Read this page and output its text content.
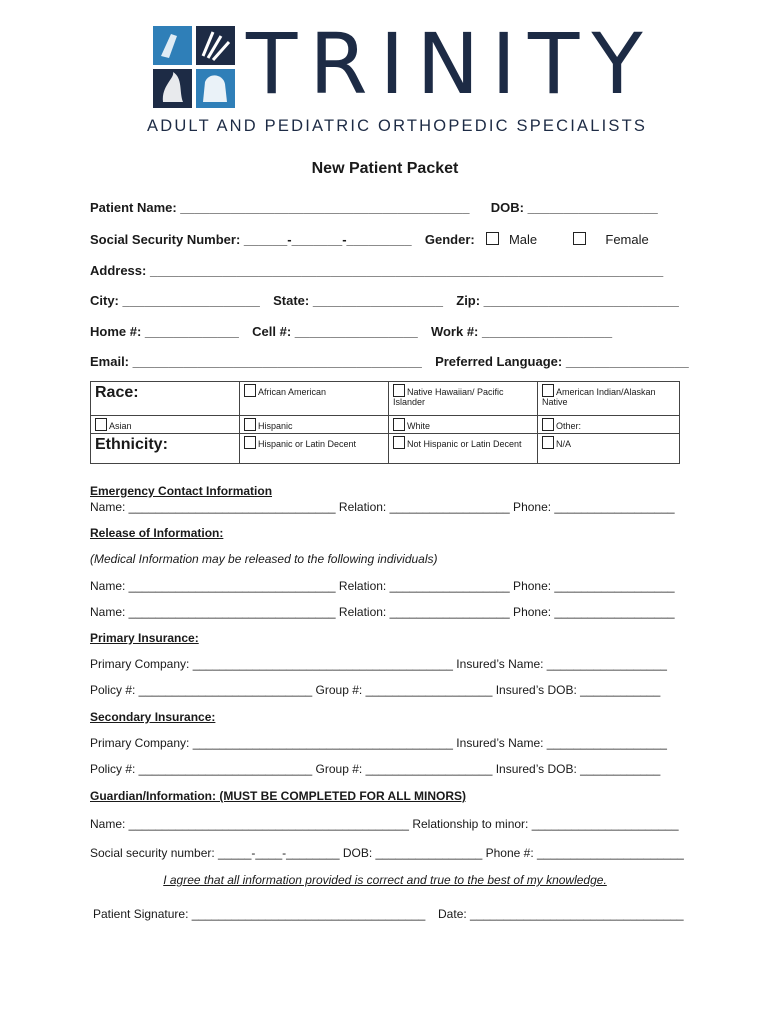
TRINITY
ADULT AND PEDIATRIC ORTHOPEDIC SPECIALISTS
New Patient Packet
Patient Name: ________________________________________ DOB: __________________
Social Security Number: ______-_______-_________ Gender:	Male	Female
Address: _______________________________________________________________________
City: ___________________ State: __________________ Zip: ___________________________
Home #: _____________ Cell #: _________________ Work #: __________________
Email: ________________________________________ Preferred Language: _________________
Race:	African American	Native Hawaiian/ Pacific Islander	American Indian/Alaskan Native
Asian	Hispanic	White	Other:
Ethnicity:	Hispanic or Latin Decent	Not Hispanic or Latin Decent	N/A
Emergency Contact Information
Name: _______________________________ Relation: __________________ Phone: __________________
Release of Information:
(Medical Information may be released to the following individuals)
Name: _______________________________ Relation: __________________ Phone: __________________
Name: _______________________________ Relation: __________________ Phone: __________________
Primary Insurance:
Primary Company: _______________________________________ Insured’s Name: __________________
Policy #: __________________________ Group #: ___________________ Insured’s DOB: ____________
Secondary Insurance:
Primary Company: _______________________________________ Insured’s Name: __________________
Policy #: __________________________ Group #: ___________________ Insured’s DOB: ____________
Guardian/Information: (MUST BE COMPLETED FOR ALL MINORS)
Name: __________________________________________ Relationship to minor: ______________________
Social security number: _____-____-________ DOB: ________________ Phone #: ______________________
I agree that all information provided is correct and true to the best of my knowledge.
Patient Signature: ___________________________________ Date: ________________________________
